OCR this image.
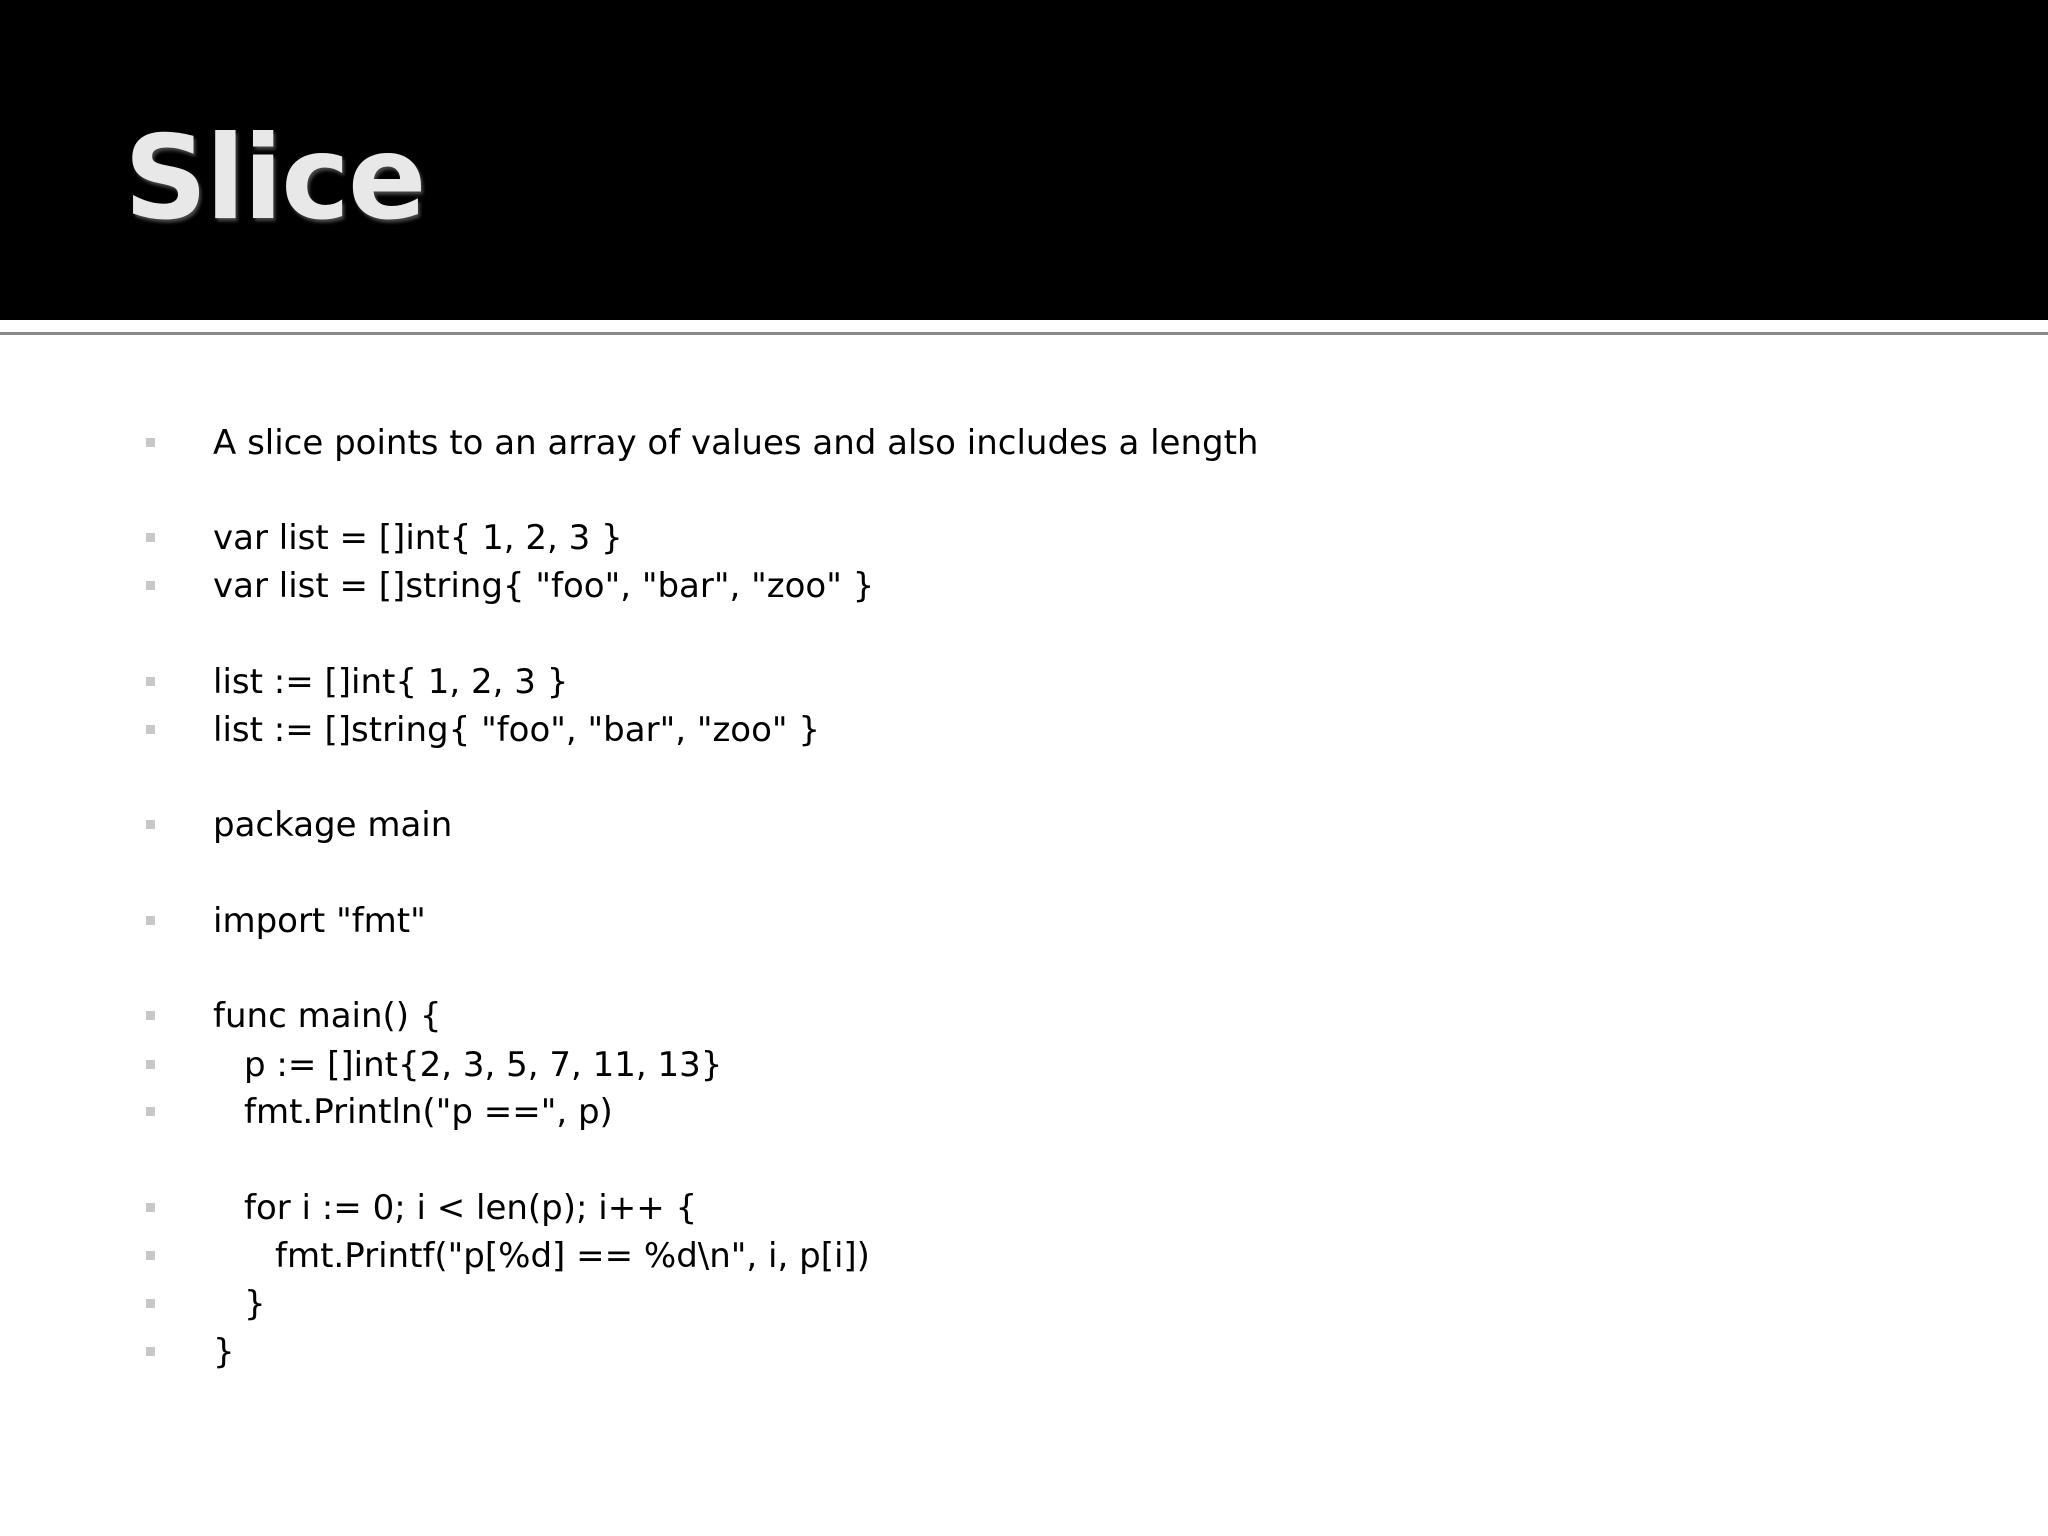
Slice
A slice points to an array of values and also includes a length
var list = []int{ 1, 2, 3 }
var list = []string{ "foo", "bar", "zoo" }
list := []int{ 1, 2, 3 }
list := []string{ "foo", "bar", "zoo" }
package main
import "fmt"
func main() {
p := []int{2, 3, 5, 7, 11, 13}
fmt.Println("p ==", p)
for i := 0; i < len(p); i++ {
fmt.Printf("p[%d] == %d\n", i, p[i])
}
}
